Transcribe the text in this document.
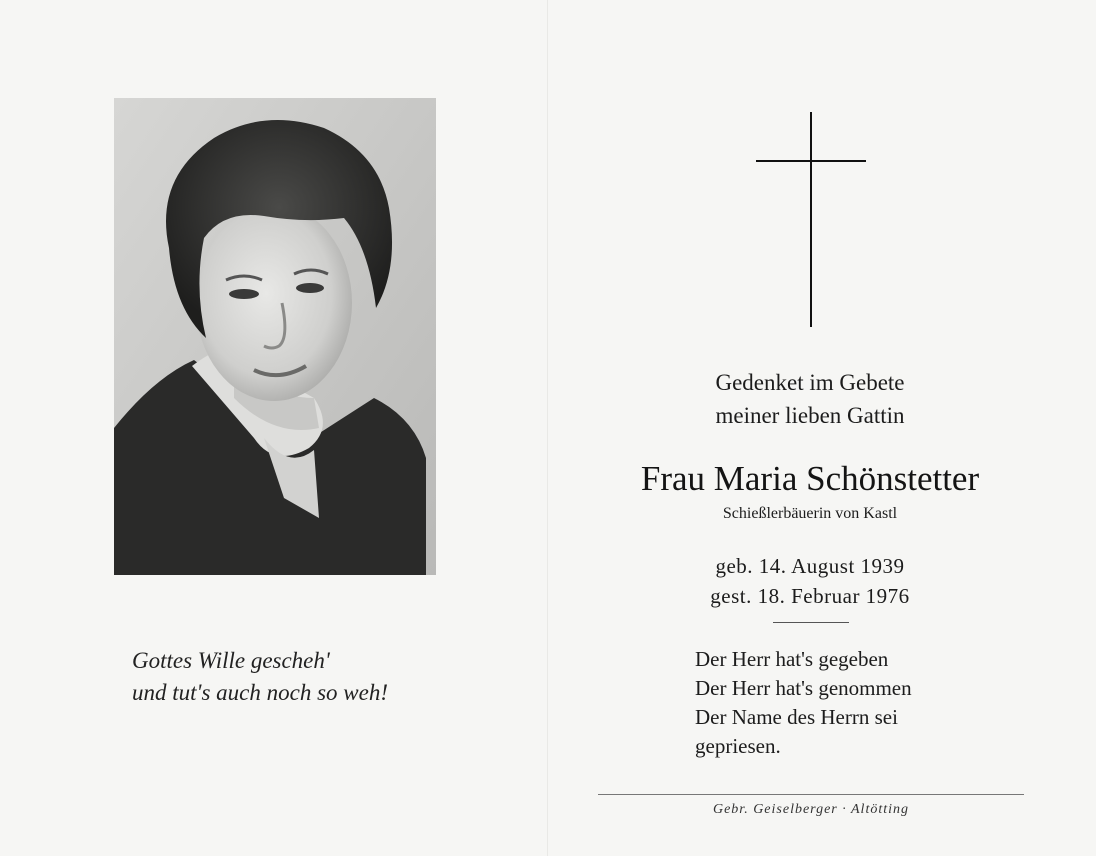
Gottes Wille gescheh'
und tut's auch noch so weh!
Gedenket im Gebete
meiner lieben Gattin
Frau Maria Schönstetter
Schießlerbäuerin von Kastl
geb. 14. August 1939
gest. 18. Februar 1976
Der Herr hat's gegeben
Der Herr hat's genommen
Der Name des Herrn sei
gepriesen.
Gebr. Geiselberger · Altötting
